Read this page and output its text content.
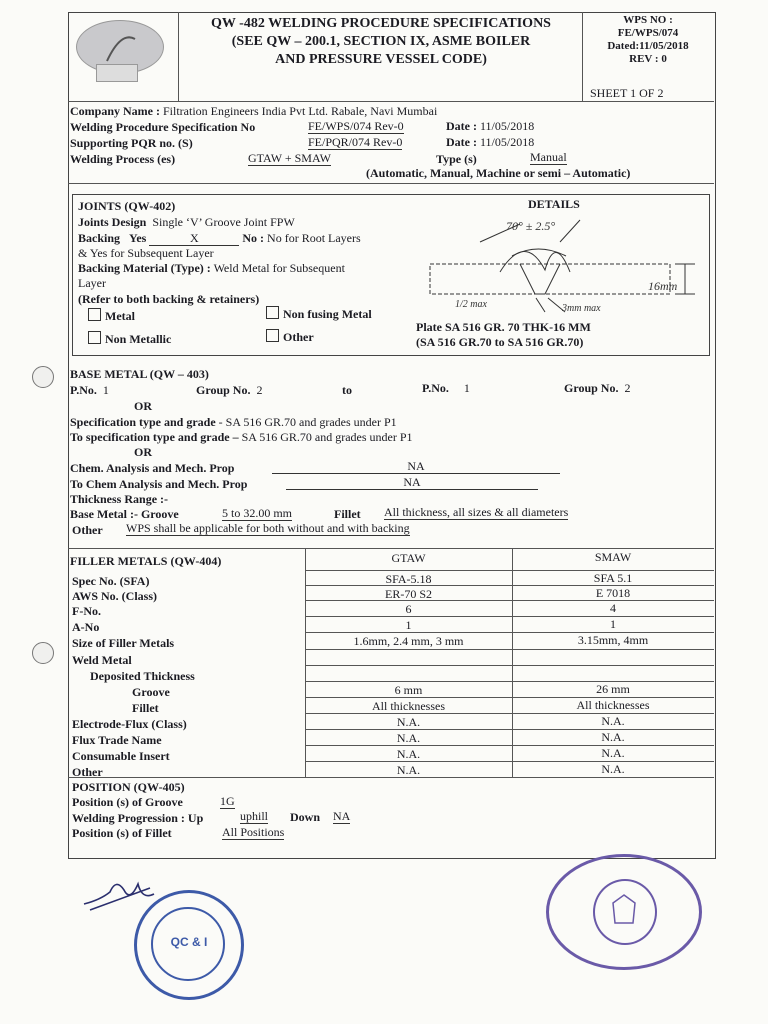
QW -482 WELDING PROCEDURE SPECIFICATIONS
(SEE QW – 200.1, SECTION IX, ASME BOILER
AND PRESSURE VESSEL CODE)
WPS NO :
FE/WPS/074
Dated:11/05/2018
REV : 0
SHEET 1 OF 2
Company Name : Filtration Engineers India Pvt Ltd. Rabale, Navi Mumbai
Welding Procedure Specification No	FE/WPS/074 Rev-0	Date : 11/05/2018
Supporting PQR no. (S)	FE/PQR/074 Rev-0	Date : 11/05/2018
Welding Process (es)	GTAW + SMAW	Type (s)	Manual
(Automatic, Manual, Machine or semi – Automatic)
JOINTS (QW-402)
Joints Design Single ‘V’ Groove Joint FPW
Backing Yes	X	No : No for Root Layers
& Yes for Subsequent Layer
Backing Material (Type) : Weld Metal for Subsequent
Layer
(Refer to both backing & retainers)
Metal	Non fusing Metal
Non Metallic	Other
DETAILS
70° ± 2.5°
16mm
1/2 max	3mm max
Plate SA 516 GR. 70 THK-16 MM
(SA 516 GR.70 to SA 516 GR.70)
BASE METAL (QW – 403)
P.No. 1	Group No. 2	to	P.No. 1	Group No. 2
OR
Specification type and grade - SA 516 GR.70 and grades under P1
To specification type and grade – SA 516 GR.70 and grades under P1
OR
Chem. Analysis and Mech. Prop	NA
To Chem Analysis and Mech. Prop	NA
Thickness Range :-
Base Metal :- Groove	5 to 32.00 mm	Fillet All thickness, all sizes & all diameters
Other WPS shall be applicable for both without and with backing
FILLER METALS (QW-404)	GTAW	SMAW
Spec No. (SFA)	SFA-5.18	SFA 5.1
AWS No. (Class)	ER-70 S2	E 7018
F-No.	6	4
A-No	1	1
Size of Filler Metals	1.6mm, 2.4 mm, 3 mm	3.15mm, 4mm
Weld Metal
Deposited Thickness
Groove	6 mm	26 mm
Fillet	All thicknesses	All thicknesses
Electrode-Flux (Class)	N.A.	N.A.
Flux Trade Name	N.A.	N.A.
Consumable Insert	N.A.	N.A.
Other	N.A.	N.A.
POSITION (QW-405)
Position (s) of Groove	1G
Welding Progression : Up	uphill Down NA
Position (s) of Fillet	All Positions
QC & I
